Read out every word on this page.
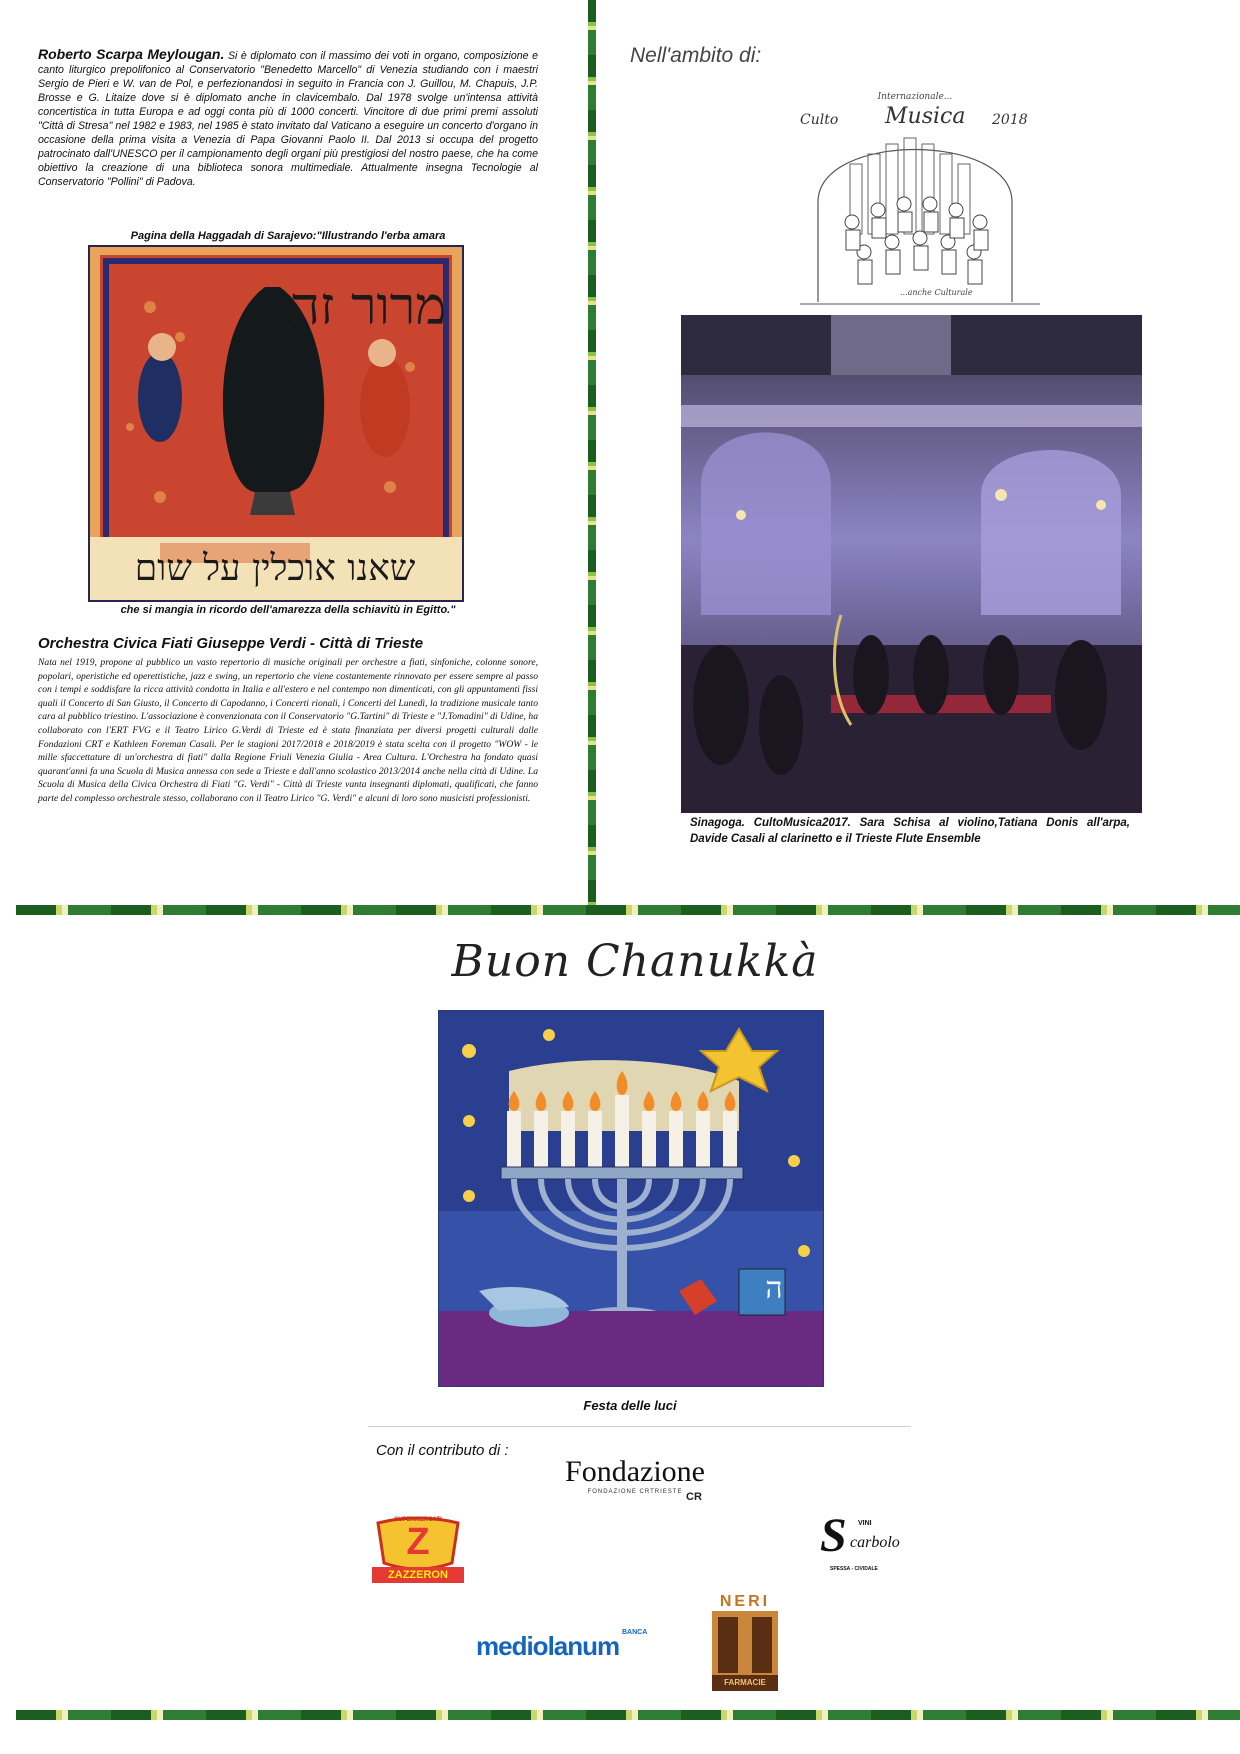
Roberto Scarpa Meylougan. Si è diplomato con il massimo dei voti in organo, composizione e canto liturgico prepolifonico al Conservatorio "Benedetto Marcello" di Venezia studiando con i maestri Sergio de Pieri e W. van de Pol, e perfezionandosi in seguito in Francia con J. Guillou, M. Chapuis, J.P. Brosse e G. Litaize dove si è diplomato anche in clavicembalo. Dal 1978 svolge un'intensa attività concertistica in tutta Europa e ad oggi conta più di 1000 concerti. Vincitore di due primi premi assoluti "Città di Stresa" nel 1982 e 1983, nel 1985 è stato invitato dal Vaticano a eseguire un concerto d'organo in occasione della prima visita a Venezia di Papa Giovanni Paolo II. Dal 2013 si occupa del progetto patrocinato dall'UNESCO per il campionamento degli organi più prestigiosi del nostro paese, che ha come obiettivo la creazione di una biblioteca sonora multimediale. Attualmente insegna Tecnologie al Conservatorio "Pollini" di Padova.
Pagina della Haggadah di Sarajevo:"Illustrando l'erba amara
מרור זה
שאנו אוכלין על שום
che si mangia in ricordo dell'amarezza della schiavitù in Egitto."
Orchestra Civica Fiati Giuseppe Verdi - Città di Trieste
Nata nel 1919, propone al pubblico un vasto repertorio di musiche originali per orchestre a fiati, sinfoniche, colonne sonore, popolari, operistiche ed operettistiche, jazz e swing, un repertorio che viene costantemente rinnovato per essere sempre al passo con i tempi e soddisfare la ricca attività condotta in Italia e all'estero e nel contempo non dimenticati, con gli appuntamenti fissi quali il Concerto di San Giusto, il Concerto di Capodanno, i Concerti rionali, i Concerti del Lunedì, la tradizione musicale tanto cara al pubblico triestino. L'associazione è convenzionata con il Conservatorio "G.Tartini" di Trieste e "J.Tomadini" di Udine, ha collaborato con l'ERT FVG e il Teatro Lirico G.Verdi di Trieste ed è stata finanziata per diversi progetti culturali dalle Fondazioni CRT e Kathleen Foreman Casali. Per le stagioni 2017/2018 e 2018/2019 è stata scelta con il progetto "WOW - le mille sfaccettature di un'orchestra di fiati" dalla Regione Friuli Venezia Giulia - Area Cultura. L'Orchestra ha fondato quasi quarant'anni fa una Scuola di Musica annessa con sede a Trieste e dall'anno scolastico 2013/2014 anche nella città di Udine. La Scuola di Musica della Civica Orchestra di Fiati "G. Verdi" - Città di Trieste vanta insegnanti diplomati, qualificati, che fanno parte del complesso orchestrale stesso, collaborano con il Teatro Lirico "G. Verdi" e alcuni di loro sono musicisti professionisti.
Nell'ambito di:
Internazionale...
Culto Musica 2018
...anche Culturale
Sinagoga. CultoMusica2017. Sara Schisa al violino,Tatiana Donis all'arpa, Davide Casali al clarinetto e il Trieste Flute Ensemble
Buon Chanukkà
ה
Festa delle luci
Con il contributo di :
Fondazione
FONDAZIONE CRTRIESTE CR
SUPERMERCATI
Z
ZAZZERON
S VINI
carbolo
SPESSA - CIVIDALE
BANCA
mediolanum
NERI
FARMACIE
